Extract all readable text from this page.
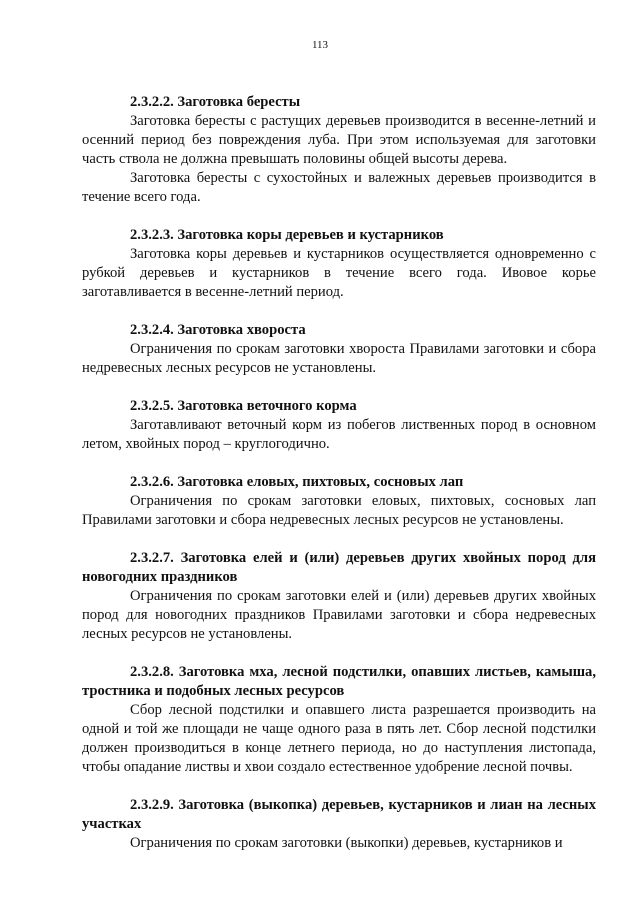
113

2.3.2.2. Заготовка бересты

Заготовка бересты с растущих деревьев производится в весенне-летний и осенний период без повреждения луба. При этом используемая для заготовки часть ствола не должна превышать половины общей высоты дерева.

Заготовка бересты с сухостойных и валежных деревьев производится в течение всего года.

2.3.2.3. Заготовка коры деревьев и кустарников

Заготовка коры деревьев и кустарников осуществляется одновременно с рубкой деревьев и кустарников в течение всего года. Ивовое корье заготавливается в весенне-летний период.

2.3.2.4. Заготовка хвороста

Ограничения по срокам заготовки хвороста Правилами заготовки и сбора недревесных лесных ресурсов не установлены.

2.3.2.5. Заготовка веточного корма

Заготавливают веточный корм из побегов лиственных пород в основном летом, хвойных пород – круглогодично.

2.3.2.6. Заготовка еловых, пихтовых, сосновых лап

Ограничения по срокам заготовки еловых, пихтовых, сосновых лап Правилами заготовки и сбора недревесных лесных ресурсов не установлены.

2.3.2.7. Заготовка елей и (или) деревьев других хвойных пород для новогодних праздников

Ограничения по срокам заготовки елей и (или) деревьев других хвойных пород для новогодних праздников Правилами заготовки и сбора недревесных лесных ресурсов не установлены.

2.3.2.8. Заготовка мха, лесной подстилки, опавших листьев, камыша, тростника и подобных лесных ресурсов

Сбор лесной подстилки и опавшего листа разрешается производить на одной и той же площади не чаще одного раза в пять лет. Сбор лесной подстилки должен производиться в конце летнего периода, но до наступления листопада, чтобы опадание листвы и хвои создало естественное удобрение лесной почвы.

2.3.2.9. Заготовка (выкопка) деревьев, кустарников и лиан на лесных участках

Ограничения по срокам заготовки (выкопки) деревьев, кустарников и
